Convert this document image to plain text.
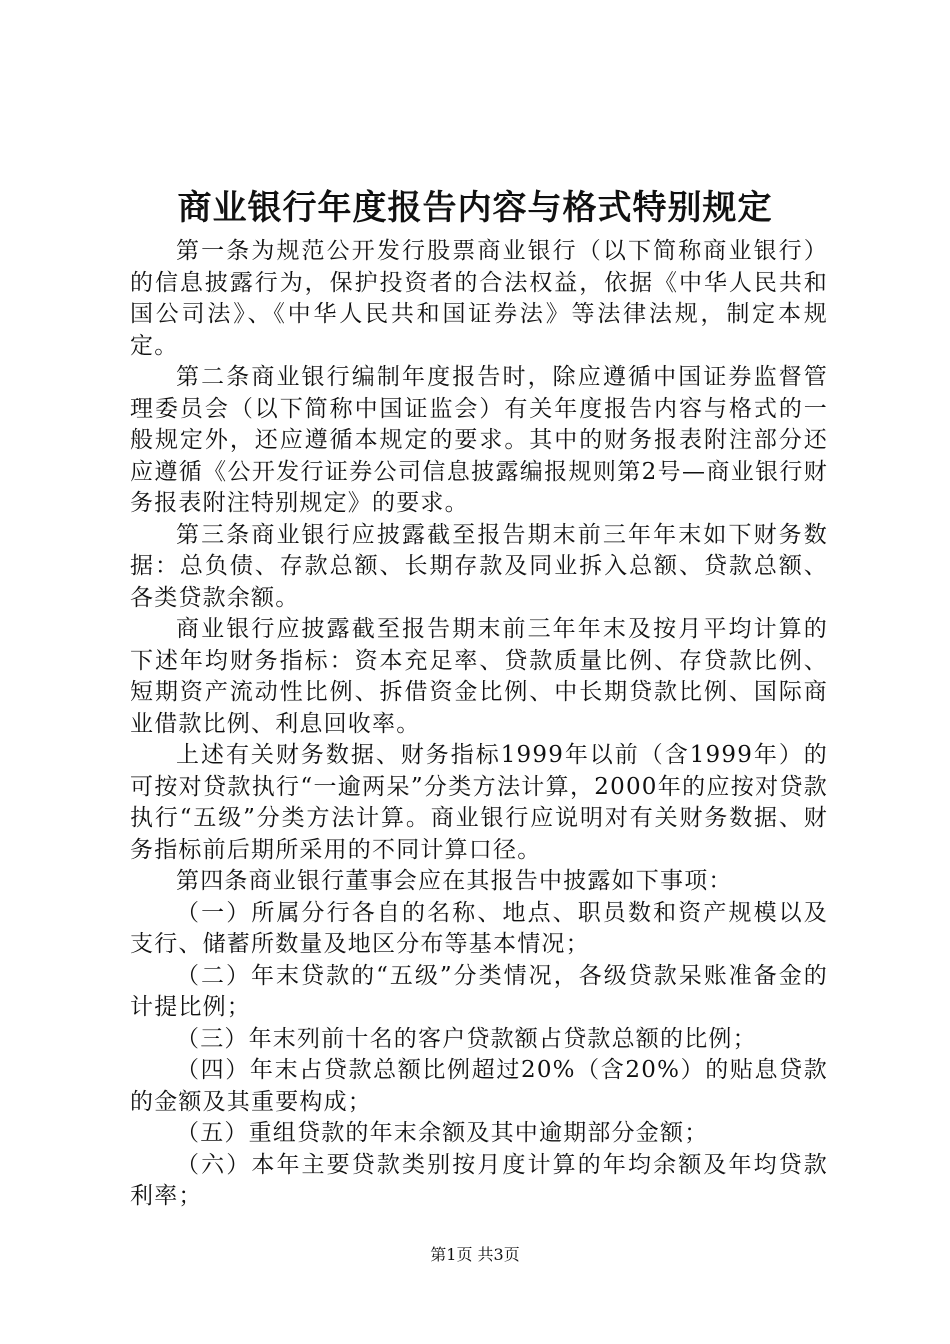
商业银行年度报告内容与格式特别规定

第一条为规范公开发行股票商业银行（以下简称商业银行）的信息披露行为，保护投资者的合法权益，依据《中华人民共和国公司法》、《中华人民共和国证券法》等法律法规，制定本规定。

第二条商业银行编制年度报告时，除应遵循中国证券监督管理委员会（以下简称中国证监会）有关年度报告内容与格式的一般规定外，还应遵循本规定的要求。其中的财务报表附注部分还应遵循《公开发行证券公司信息披露编报规则第2号—商业银行财务报表附注特别规定》的要求。

第三条商业银行应披露截至报告期末前三年年末如下财务数据：总负债、存款总额、长期存款及同业拆入总额、贷款总额、各类贷款余额。

商业银行应披露截至报告期末前三年年末及按月平均计算的下述年均财务指标：资本充足率、贷款质量比例、存贷款比例、短期资产流动性比例、拆借资金比例、中长期贷款比例、国际商业借款比例、利息回收率。

上述有关财务数据、财务指标1999年以前（含1999年）的可按对贷款执行“一逾两呆”分类方法计算，2000年的应按对贷款执行“五级”分类方法计算。商业银行应说明对有关财务数据、财务指标前后期所采用的不同计算口径。

第四条商业银行董事会应在其报告中披露如下事项：

（一）所属分行各自的名称、地点、职员数和资产规模以及支行、储蓄所数量及地区分布等基本情况；

（二）年末贷款的“五级”分类情况，各级贷款呆账准备金的计提比例；

（三）年末列前十名的客户贷款额占贷款总额的比例；

（四）年末占贷款总额比例超过20%（含20%）的贴息贷款的金额及其重要构成；

（五）重组贷款的年末余额及其中逾期部分金额；

（六）本年主要贷款类别按月度计算的年均余额及年均贷款利率；

第1页 共3页
